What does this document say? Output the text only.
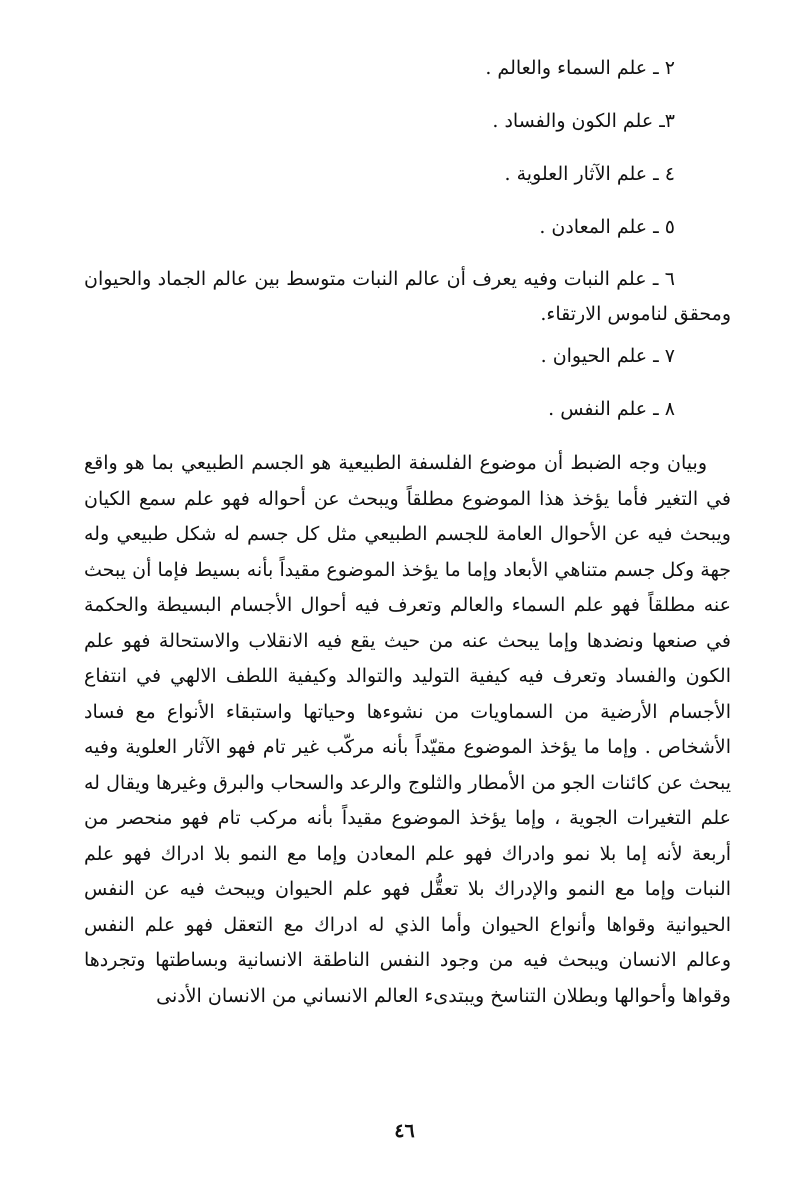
٢ ـ علم السماء والعالم .

٣ـ علم الكون والفساد .

٤ ـ علم الآثار العلوية .

٥ ـ علم المعادن .

٦ ـ علم النبات وفيه يعرف أن عالم النبات متوسط بين عالم الجماد والحيوان ومحقق لناموس الارتقاء.

٧ ـ علم الحيوان .

٨ ـ علم النفس .

وبيان وجه الضبط أن موضوع الفلسفة الطبيعية هو الجسم الطبيعي بما هو واقع في التغير فأما يؤخذ هذا الموضوع مطلقاً ويبحث عن أحواله فهو علم سمع الكيان ويبحث فيه عن الأحوال العامة للجسم الطبيعي مثل كل جسم له شكل طبيعي وله جهة وكل جسم متناهي الأبعاد وإما ما يؤخذ الموضوع مقيداً بأنه بسيط فإما أن يبحث عنه مطلقاً فهو علم السماء والعالم وتعرف فيه أحوال الأجسام البسيطة والحكمة في صنعها ونضدها وإما يبحث عنه من حيث يقع فيه الانقلاب والاستحالة فهو علم الكون والفساد وتعرف فيه كيفية التوليد والتوالد وكيفية اللطف الالهي في انتفاع الأجسام الأرضية من السماويات من نشوءها وحياتها واستبقاء الأنواع مع فساد الأشخاص . وإما ما يؤخذ الموضوع مقيّداً بأنه مركّب غير تام فهو الآثار العلوية وفيه يبحث عن كائنات الجو من الأمطار والثلوج والرعد والسحاب والبرق وغيرها ويقال له علم التغيرات الجوية ، وإما يؤخذ الموضوع مقيداً بأنه مركب تام فهو منحصر من أربعة لأنه إما بلا نمو وادراك فهو علم المعادن وإما مع النمو بلا ادراك فهو علم النبات وإما مع النمو والإدراك بلا تعقُّل فهو علم الحيوان ويبحث فيه عن النفس الحيوانية وقواها وأنواع الحيوان وأما الذي له ادراك مع التعقل فهو علم النفس وعالم الانسان ويبحث فيه من وجود النفس الناطقة الانسانية وبساطتها وتجردها وقواها وأحوالها وبطلان التناسخ ويبتدىء العالم الانساني من الانسان الأدنى

٤٦
